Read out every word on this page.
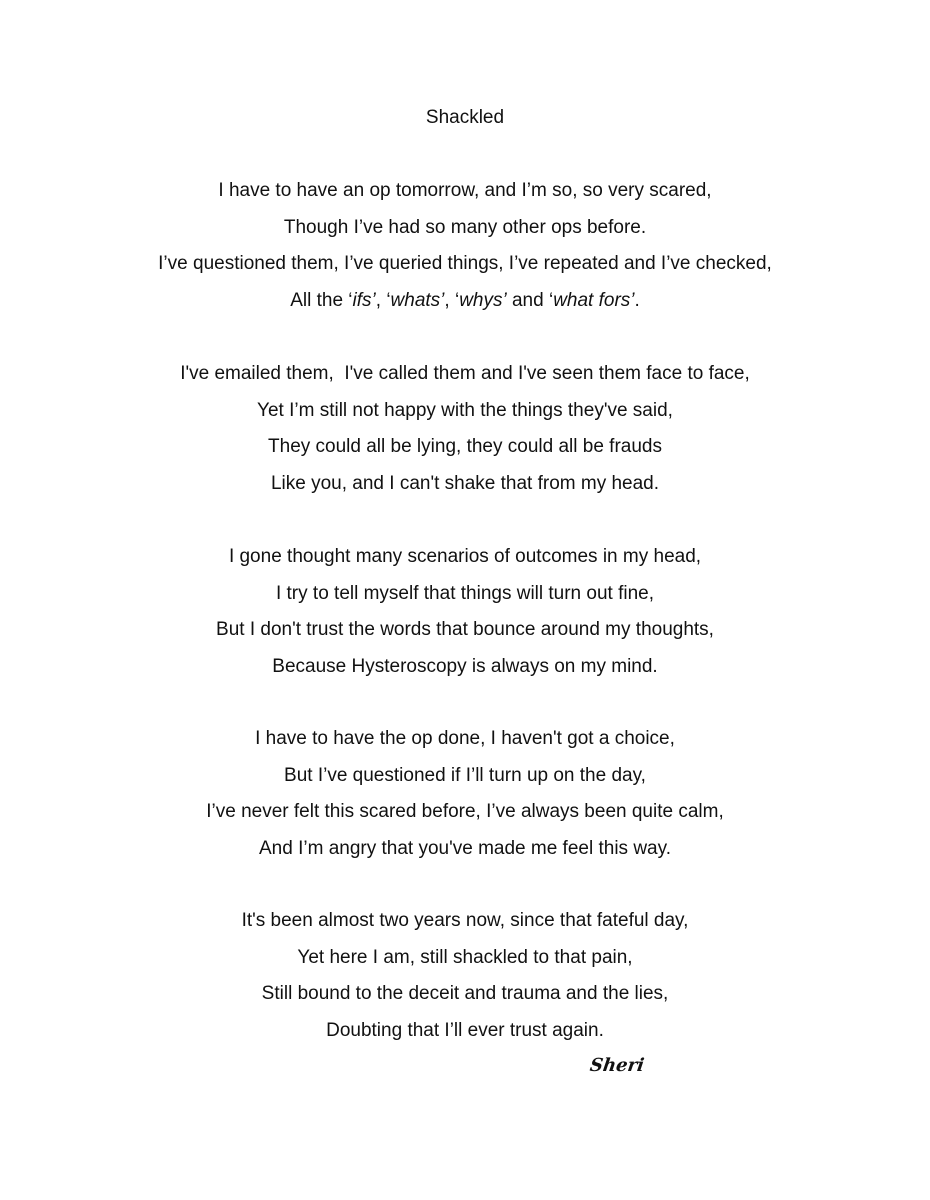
Shackled
I have to have an op tomorrow, and I’m so, so very scared,
Though I’ve had so many other ops before.
I’ve questioned them, I’ve queried things, I’ve repeated and I’ve checked,
All the ‘ifs’, ‘whats’, ‘whys’ and ‘what fors’.
I've emailed them,  I've called them and I've seen them face to face,
Yet I’m still not happy with the things they've said,
They could all be lying, they could all be frauds
Like you, and I can't shake that from my head.
I gone thought many scenarios of outcomes in my head,
I try to tell myself that things will turn out fine,
But I don't trust the words that bounce around my thoughts,
Because Hysteroscopy is always on my mind.
I have to have the op done, I haven't got a choice,
But I’ve questioned if I’ll turn up on the day,
I’ve never felt this scared before, I’ve always been quite calm,
And I’m angry that you've made me feel this way.
It's been almost two years now, since that fateful day,
Yet here I am, still shackled to that pain,
Still bound to the deceit and trauma and the lies,
Doubting that I’ll ever trust again.
Sheri
